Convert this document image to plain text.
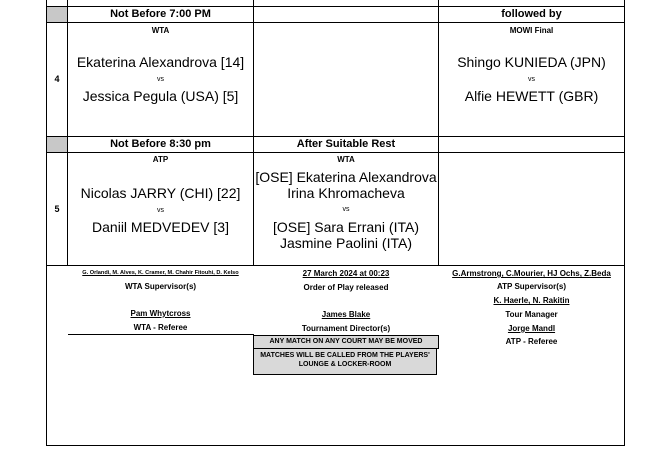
4
Not Before 7:00 PM
WTA
Ekaterina Alexandrova [14]
vs
Jessica Pegula (USA) [5]
followed by
MOWI Final
Shingo KUNIEDA (JPN)
vs
Alfie HEWETT (GBR)
5
Not Before 8:30 pm
ATP
Nicolas JARRY (CHI) [22]
vs
Daniil MEDVEDEV [3]
After Suitable Rest
WTA
[OSE] Ekaterina Alexandrova
Irina Khromacheva
vs
[OSE] Sara Errani (ITA)
Jasmine Paolini (ITA)
G. Orlandi, M. Alves, K. Cramer, M. Chahir Fitouhi, D. Kelso
WTA Supervisor(s)
Pam Whytcross
WTA - Referee
27 March 2024 at 00:23
Order of Play released
James Blake
Tournament Director(s)
ANY MATCH ON ANY COURT MAY BE MOVED
MATCHES WILL BE CALLED FROM THE PLAYERS' LOUNGE & LOCKER-ROOM
G.Armstrong, C.Mourier, HJ Ochs, Z.Beda
ATP Supervisor(s)
K. Haerle, N. Rakitin
Tour Manager
Jorge Mandl
ATP - Referee
